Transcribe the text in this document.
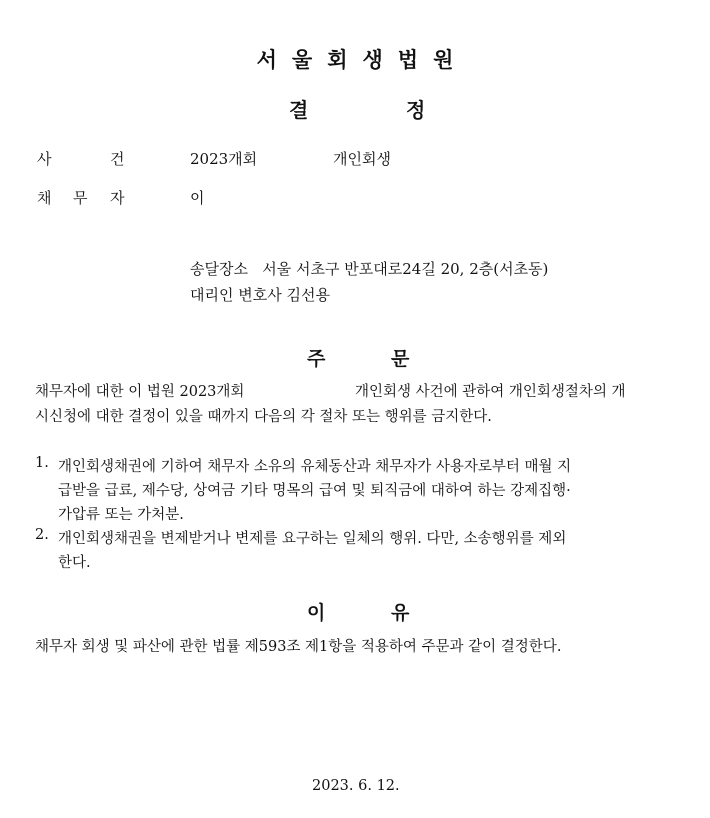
서울회생법원
결	정
사	건	2023개회	개인회생
채 무 자	이
송달장소 서울 서초구 반포대로24길 20, 2층(서초동)
대리인 변호사 김선용
주	문
채무자에 대한 이 법원 2023개회	개인회생 사건에 관하여 개인회생절차의 개
시신청에 대한 결정이 있을 때까지 다음의 각 절차 또는 행위를 금지한다.
1. 개인회생채권에 기하여 채무자 소유의 유체동산과 채무자가 사용자로부터 매월 지
급받을 급료, 제수당, 상여금 기타 명목의 급여 및 퇴직금에 대하여 하는 강제집행·
가압류 또는 가처분.
2. 개인회생채권을 변제받거나 변제를 요구하는 일체의 행위. 다만, 소송행위를 제외
한다.
이	유
채무자 회생 및 파산에 관한 법률 제593조 제1항을 적용하여 주문과 같이 결정한다.
2023. 6. 12.
